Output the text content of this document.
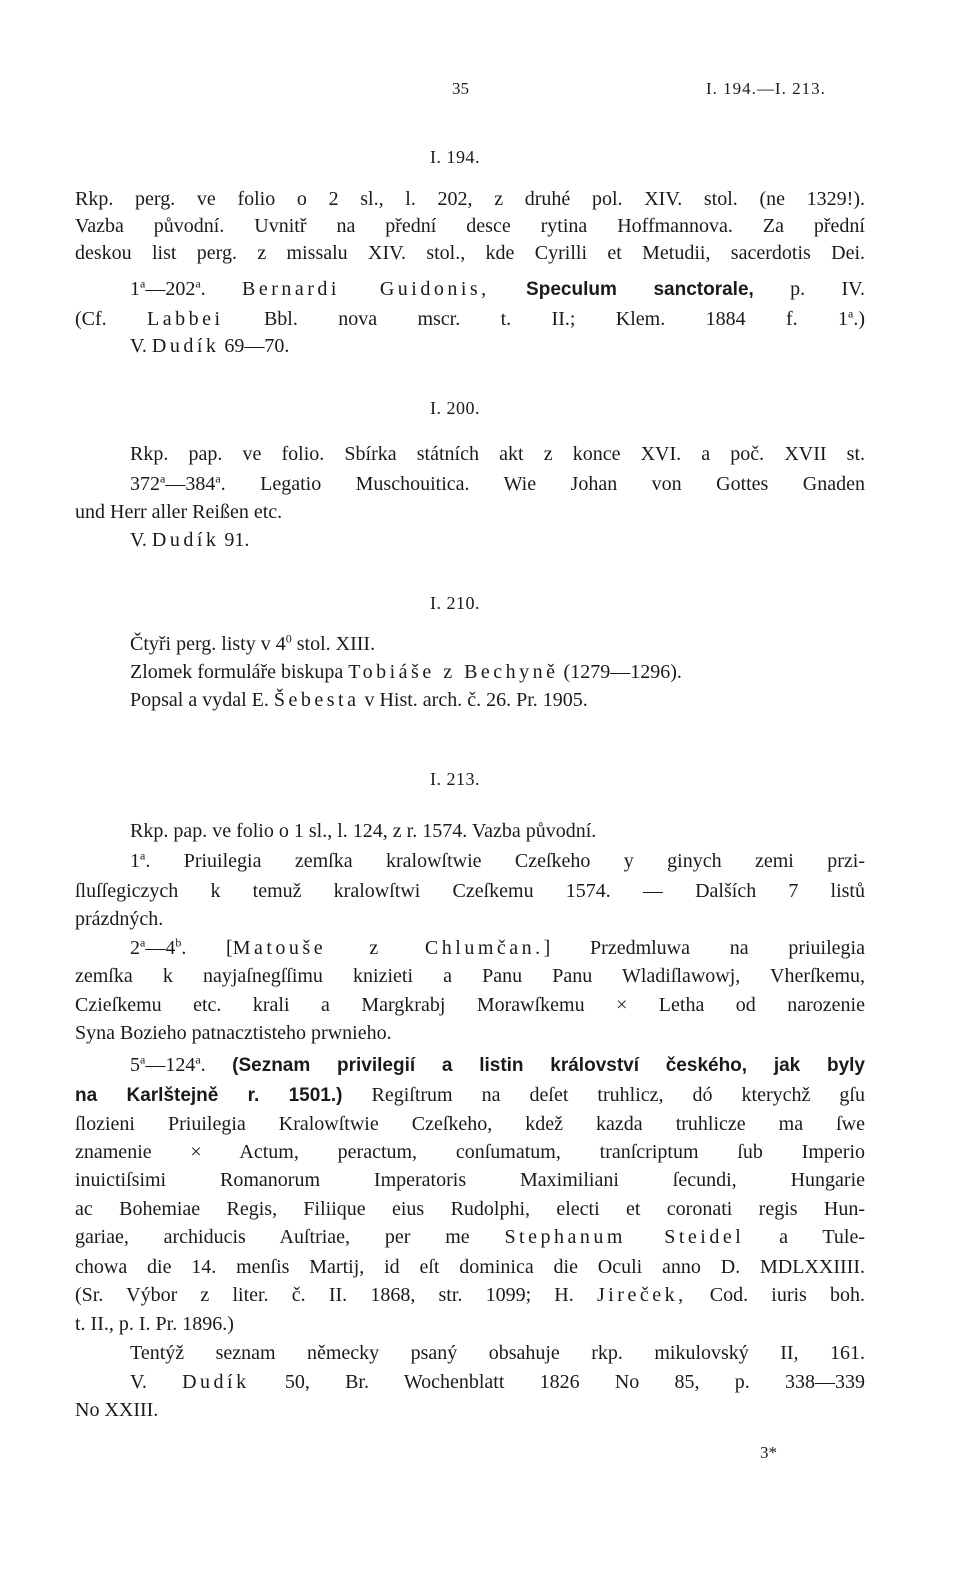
35	I. 194.—I. 213.
I. 194.
Rkp. perg. ve folio o 2 sl., l. 202, z druhé pol. XIV. stol. (ne 1329!).
Vazba původní. Uvnitř na přední desce rytina Hoffmannova. Za přední
deskou list perg. z missalu XIV. stol., kde Cyrilli et Metudii, sacerdotis Dei.
1$^a$—202$^a$. Bernardi Guidonis, Speculum sanctorale, p. IV.
(Cf. Labbei Bbl. nova mscr. t. II.; Klem. 1884 f. 1$^a$.)
V. Dudík 69—70.
I. 200.
Rkp. pap. ve folio. Sbírka státních akt z konce XVI. a poč. XVII st.
372$^a$—384$^a$. Legatio Muschouitica. Wie Johan von Gottes Gnaden
und Herr aller Reißen etc.
V. Dudík 91.
I. 210.
Čtyři perg. listy v $4^0$ stol. XIII.
Zlomek formuláře biskupa Tobiáše z Bechyně (1279—1296).
Popsal a vydal E. Šebesta v Hist. arch. č. 26. Pr. 1905.
I. 213.
Rkp. pap. ve folio o 1 sl., l. 124, z r. 1574. Vazba původní.
1$^a$. Priuilegia zemſka kralowſtwie Czeſkeho y ginych zemi przi-
ſluſſegiczych k temuž kralowſtwi Czeſkemu 1574. — Dalších 7 listů
prázdných.
2$^a$—4$^b$. [Matouše z Chlumčan.] Przedmluwa na priuilegia
zemſka k nayjaſnegſſimu knizieti a Panu Panu Wladiſlawowj, Vherſkemu,
Czieſkemu etc. krali a Margkrabj Morawſkemu × Letha od narozenie
Syna Bozieho patnacztisteho prwnieho.
5$^a$—124$^a$. (Seznam privilegií a listin království českého, jak byly
na Karlštejně r. 1501.) Regiſtrum na deſet truhlicz, dó kterychž gſu
ſlozieni Priuilegia Kralowſtwie Czeſkeho, kdež kazda truhlicze ma ſwe
znamenie × Actum, peractum, conſumatum, tranſcriptum ſub Imperio
inuictiſsimi Romanorum Imperatoris Maximiliani ſecundi, Hungarie
ac Bohemiae Regis, Filiique eius Rudolphi, electi et coronati regis Hun-
gariae, archiducis Auſtriae, per me Stephanum Steidel a Tule-
chowa die 14. menſis Martij, id eſt dominica die Oculi anno D. MDLXXIIII.
(Sr. Výbor z liter. č. II. 1868, str. 1099; H. Jireček, Cod. iuris boh.
t. II., p. I. Pr. 1896.)
Tentýž seznam německy psaný obsahuje rkp. mikulovský II, 161.
V. Dudík 50, Br. Wochenblatt 1826 No 85, p. 338—339
No XXIII.
3*
